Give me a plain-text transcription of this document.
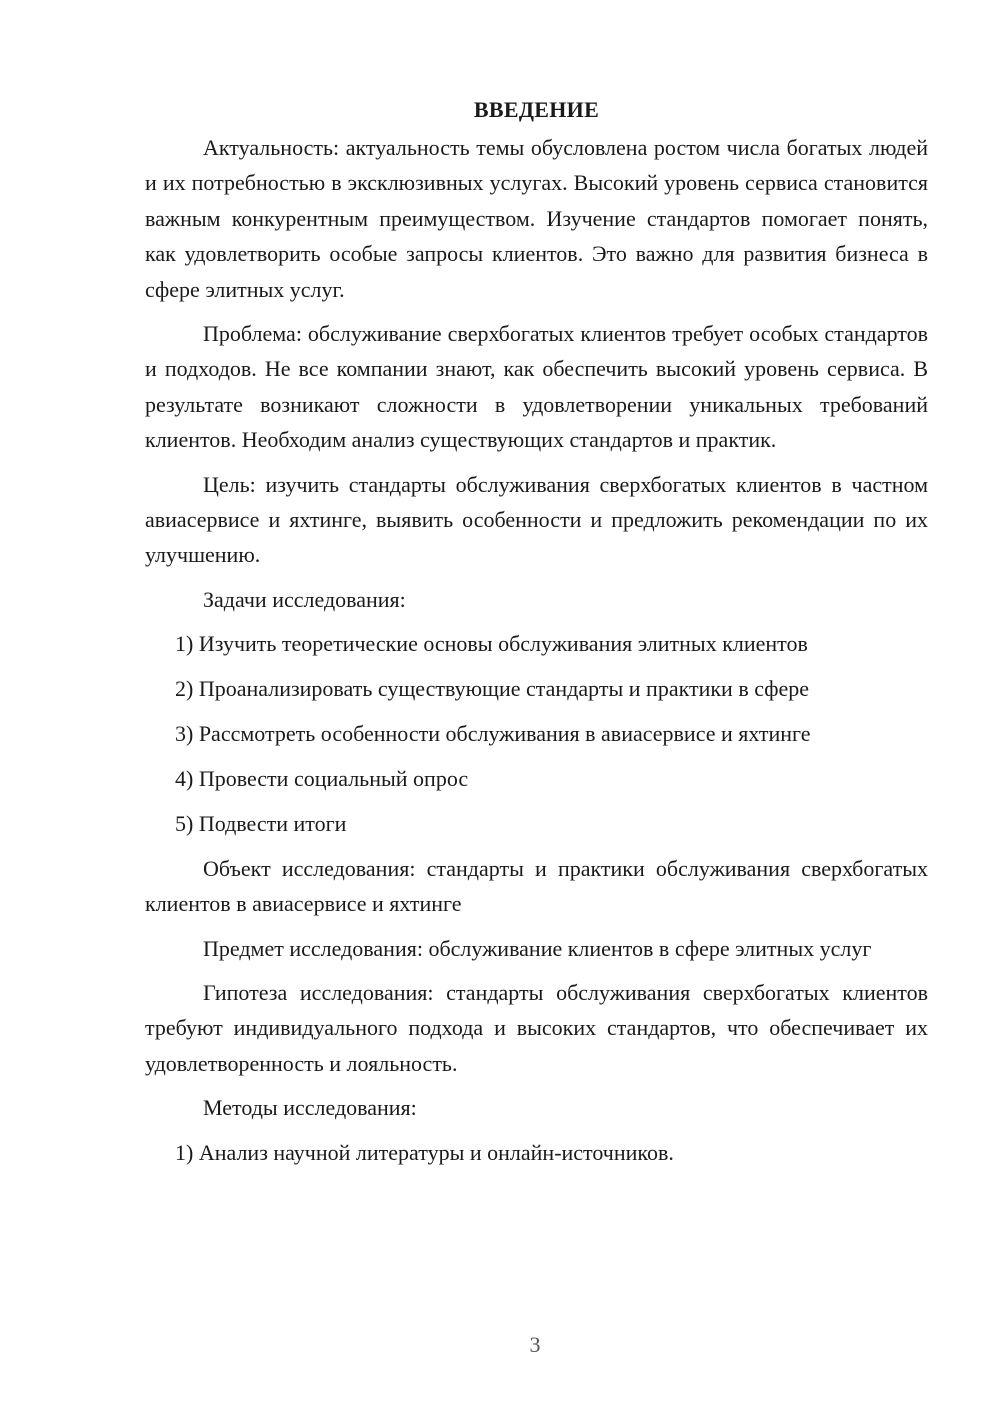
ВВЕДЕНИЕ

Актуальность: актуальность темы обусловлена ростом числа богатых людей и их потребностью в эксклюзивных услугах. Высокий уровень сервиса становится важным конкурентным преимуществом. Изучение стандартов помогает понять, как удовлетворить особые запросы клиентов. Это важно для развития бизнеса в сфере элитных услуг.

Проблема: обслуживание сверхбогатых клиентов требует особых стандартов и подходов. Не все компании знают, как обеспечить высокий уровень сервиса. В результате возникают сложности в удовлетворении уникальных требований клиентов. Необходим анализ существующих стандартов и практик.

Цель: изучить стандарты обслуживания сверхбогатых клиентов в частном авиасервисе и яхтинге, выявить особенности и предложить рекомендации по их улучшению.

Задачи исследования:

1) Изучить теоретические основы обслуживания элитных клиентов
2) Проанализировать существующие стандарты и практики в сфере
3) Рассмотреть особенности обслуживания в авиасервисе и яхтинге
4) Провести социальный опрос
5) Подвести итоги

Объект исследования: стандарты и практики обслуживания сверхбогатых клиентов в авиасервисе и яхтинге

Предмет исследования: обслуживание клиентов в сфере элитных услуг

Гипотеза исследования: стандарты обслуживания сверхбогатых клиентов требуют индивидуального подхода и высоких стандартов, что обеспечивает их удовлетворенность и лояльность.

Методы исследования:

1) Анализ научной литературы и онлайн-источников.
3
